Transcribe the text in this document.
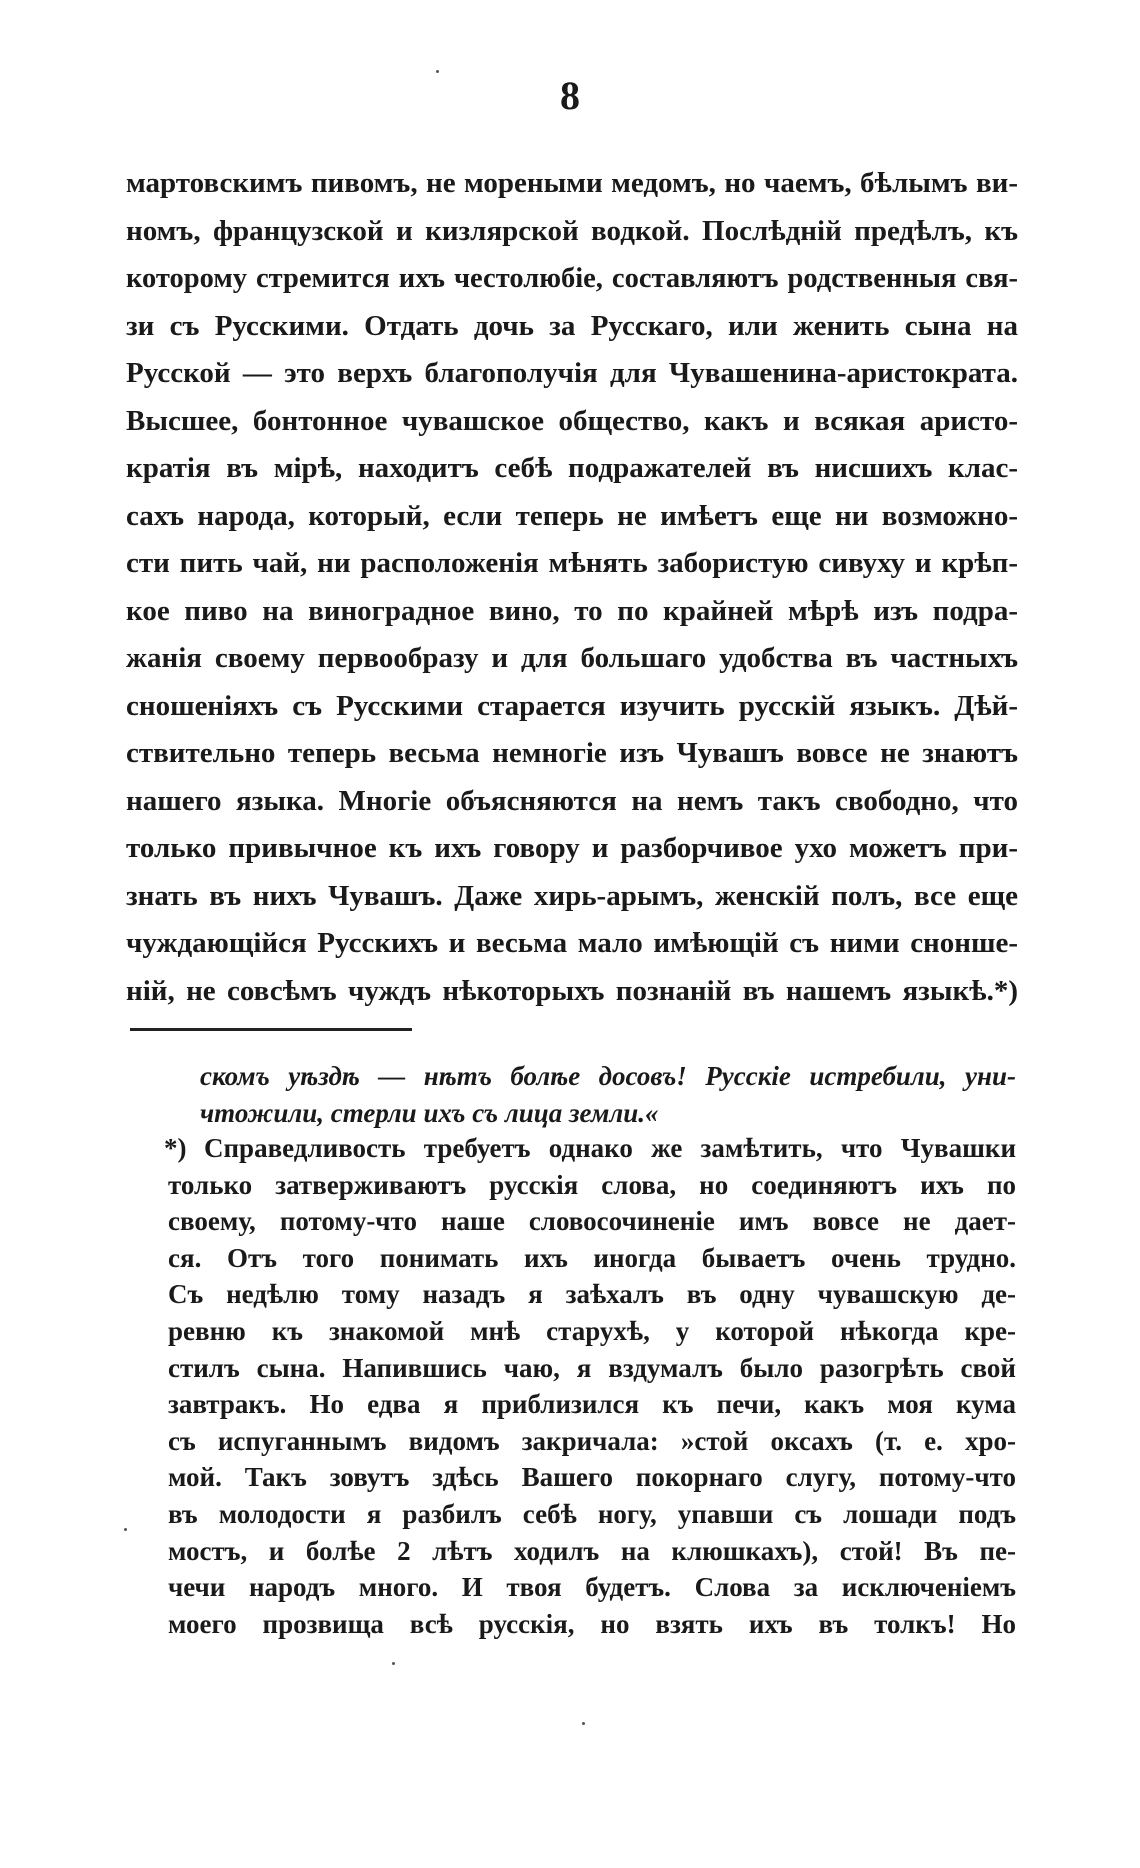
8
мартовскимъ пивомъ, не мореными медомъ, но чаемъ, бѣлымъ ви-
номъ, французской и кизлярской водкой. Послѣдній предѣлъ, къ
которому стремится ихъ честолюбіе, составляютъ родственныя свя-
зи съ Русскими. Отдать дочь за Русскаго, или женить сына на
Русской — это верхъ благополучія для Чувашенина-аристократа.
Высшее, бонтонное чувашское общество, какъ и всякая аристо-
кратія въ мірѣ, находитъ себѣ подражателей въ нисшихъ клас-
сахъ народа, который, если теперь не имѣетъ еще ни возможно-
сти пить чай, ни расположенія мѣнять забористую сивуху и крѣп-
кое пиво на виноградное вино, то по крайней мѣрѣ изъ подра-
жанія своему первообразу и для большаго удобства въ частныхъ
сношеніяхъ съ Русскими старается изучить русскій языкъ. Дѣй-
ствительно теперь весьма немногіе изъ Чувашъ вовсе не знаютъ
нашего языка. Многіе объясняются на немъ такъ свободно, что
только привычное къ ихъ говору и разборчивое ухо можетъ при-
знать въ нихъ Чувашъ. Даже хирь-арымъ, женскій полъ, все еще
чуждающійся Русскихъ и весьма мало имѣющій съ ними снонше-
ній, не совсѣмъ чуждъ нѣкоторыхъ познаній въ нашемъ языкѣ.*)
скомъ уѣздѣ — нѣтъ болѣе досовъ! Русскіе истребили, уни-
чтожили, стерли ихъ съ лица земли.«
*) Справедливость требуетъ однако же замѣтить, что Чувашки
только затверживаютъ русскія слова, но соединяютъ ихъ по
своему, потому-что наше словосочиненіе имъ вовсе не дает-
ся. Отъ того понимать ихъ иногда бываетъ очень трудно.
Съ недѣлю тому назадъ я заѣхалъ въ одну чувашскую де-
ревню къ знакомой мнѣ старухѣ, у которой нѣкогда кре-
стилъ сына. Напившись чаю, я вздумалъ было разогрѣть свой
завтракъ. Но едва я приблизился къ печи, какъ моя кума
съ испуганнымъ видомъ закричала: »стой оксахъ (т. е. хро-
мой. Такъ зовутъ здѣсь Вашего покорнаго слугу, потому-что
въ молодости я разбилъ себѣ ногу, упавши съ лошади подъ
мостъ, и болѣе 2 лѣтъ ходилъ на клюшкахъ), стой! Въ пе-
чечи народъ много. И твоя будетъ. Слова за исключеніемъ
моего прозвища всѣ русскія, но взять ихъ въ толкъ! Но
